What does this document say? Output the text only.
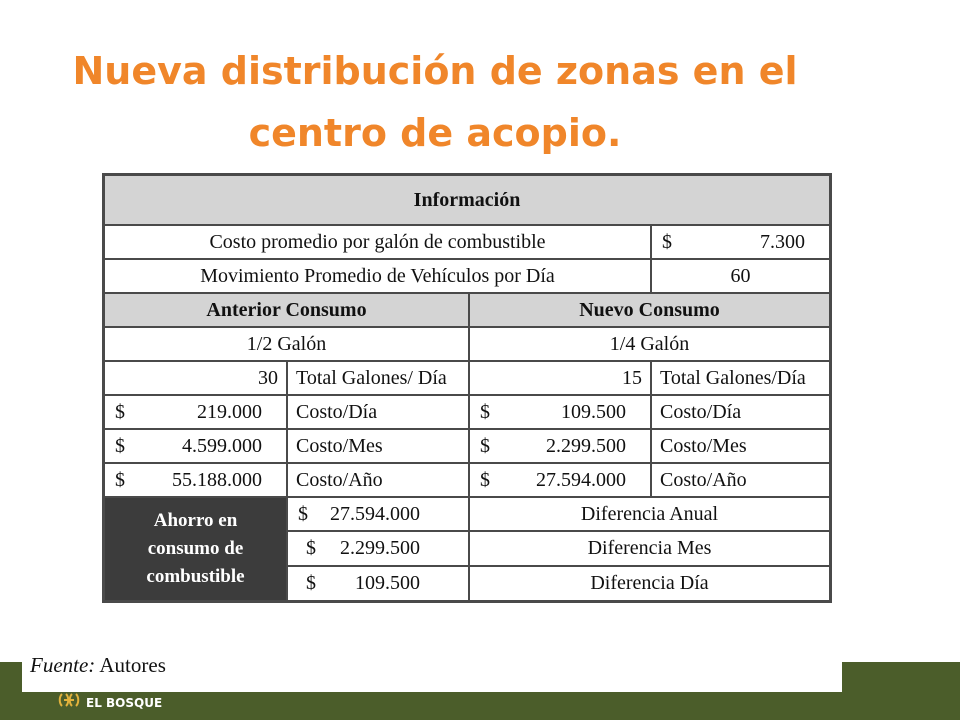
Nueva distribución de zonas en el
centro de acopio.
Información
Costo promedio por galón de combustible	$	7.300
Movimiento Promedio de Vehículos por Día	60
Anterior Consumo	Nuevo Consumo
1/2 Galón	1/4 Galón
30 Total Galones/ Día	15 Total Galones/Día
$	219.000	Costo/Día	$	109.500	Costo/Día
$	4.599.000	Costo/Mes	$	2.299.500	Costo/Mes
$ 55.188.000	Costo/Año	$ 27.594.000	Costo/Año
Ahorro en
consumo de
combustible
$ 27.594.000	Diferencia Anual
$ 2.299.500	Diferencia Mes
$ 109.500	Diferencia Día
Fuente: Autores
EL BOSQUE
